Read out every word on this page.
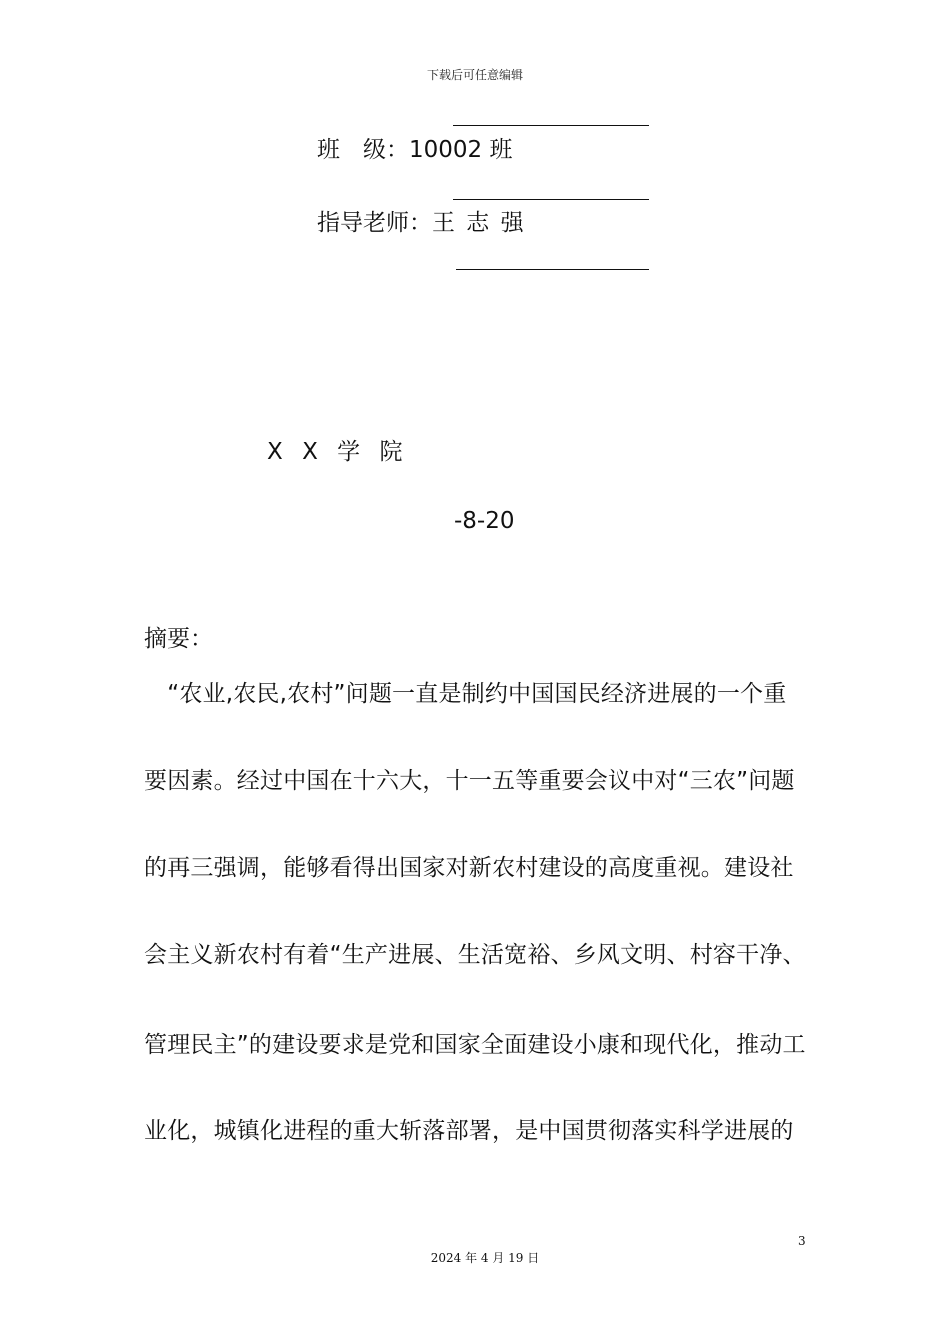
下载后可任意编辑
班　级：10002 班
指导老师：王 志 强
X X 学 院
-8-20
摘要：
　“农业,农民,农村”问题一直是制约中国国民经济进展的一个重
要因素。经过中国在十六大，十一五等重要会议中对“三农”问题
的再三强调，能够看得出国家对新农村建设的高度重视。建设社
会主义新农村有着“生产进展、生活宽裕、乡风文明、村容干净、
管理民主”的建设要求是党和国家全面建设小康和现代化，推动工
业化，城镇化进程的重大斩落部署，是中国贯彻落实科学进展的
3
2024 年 4 月 19 日
